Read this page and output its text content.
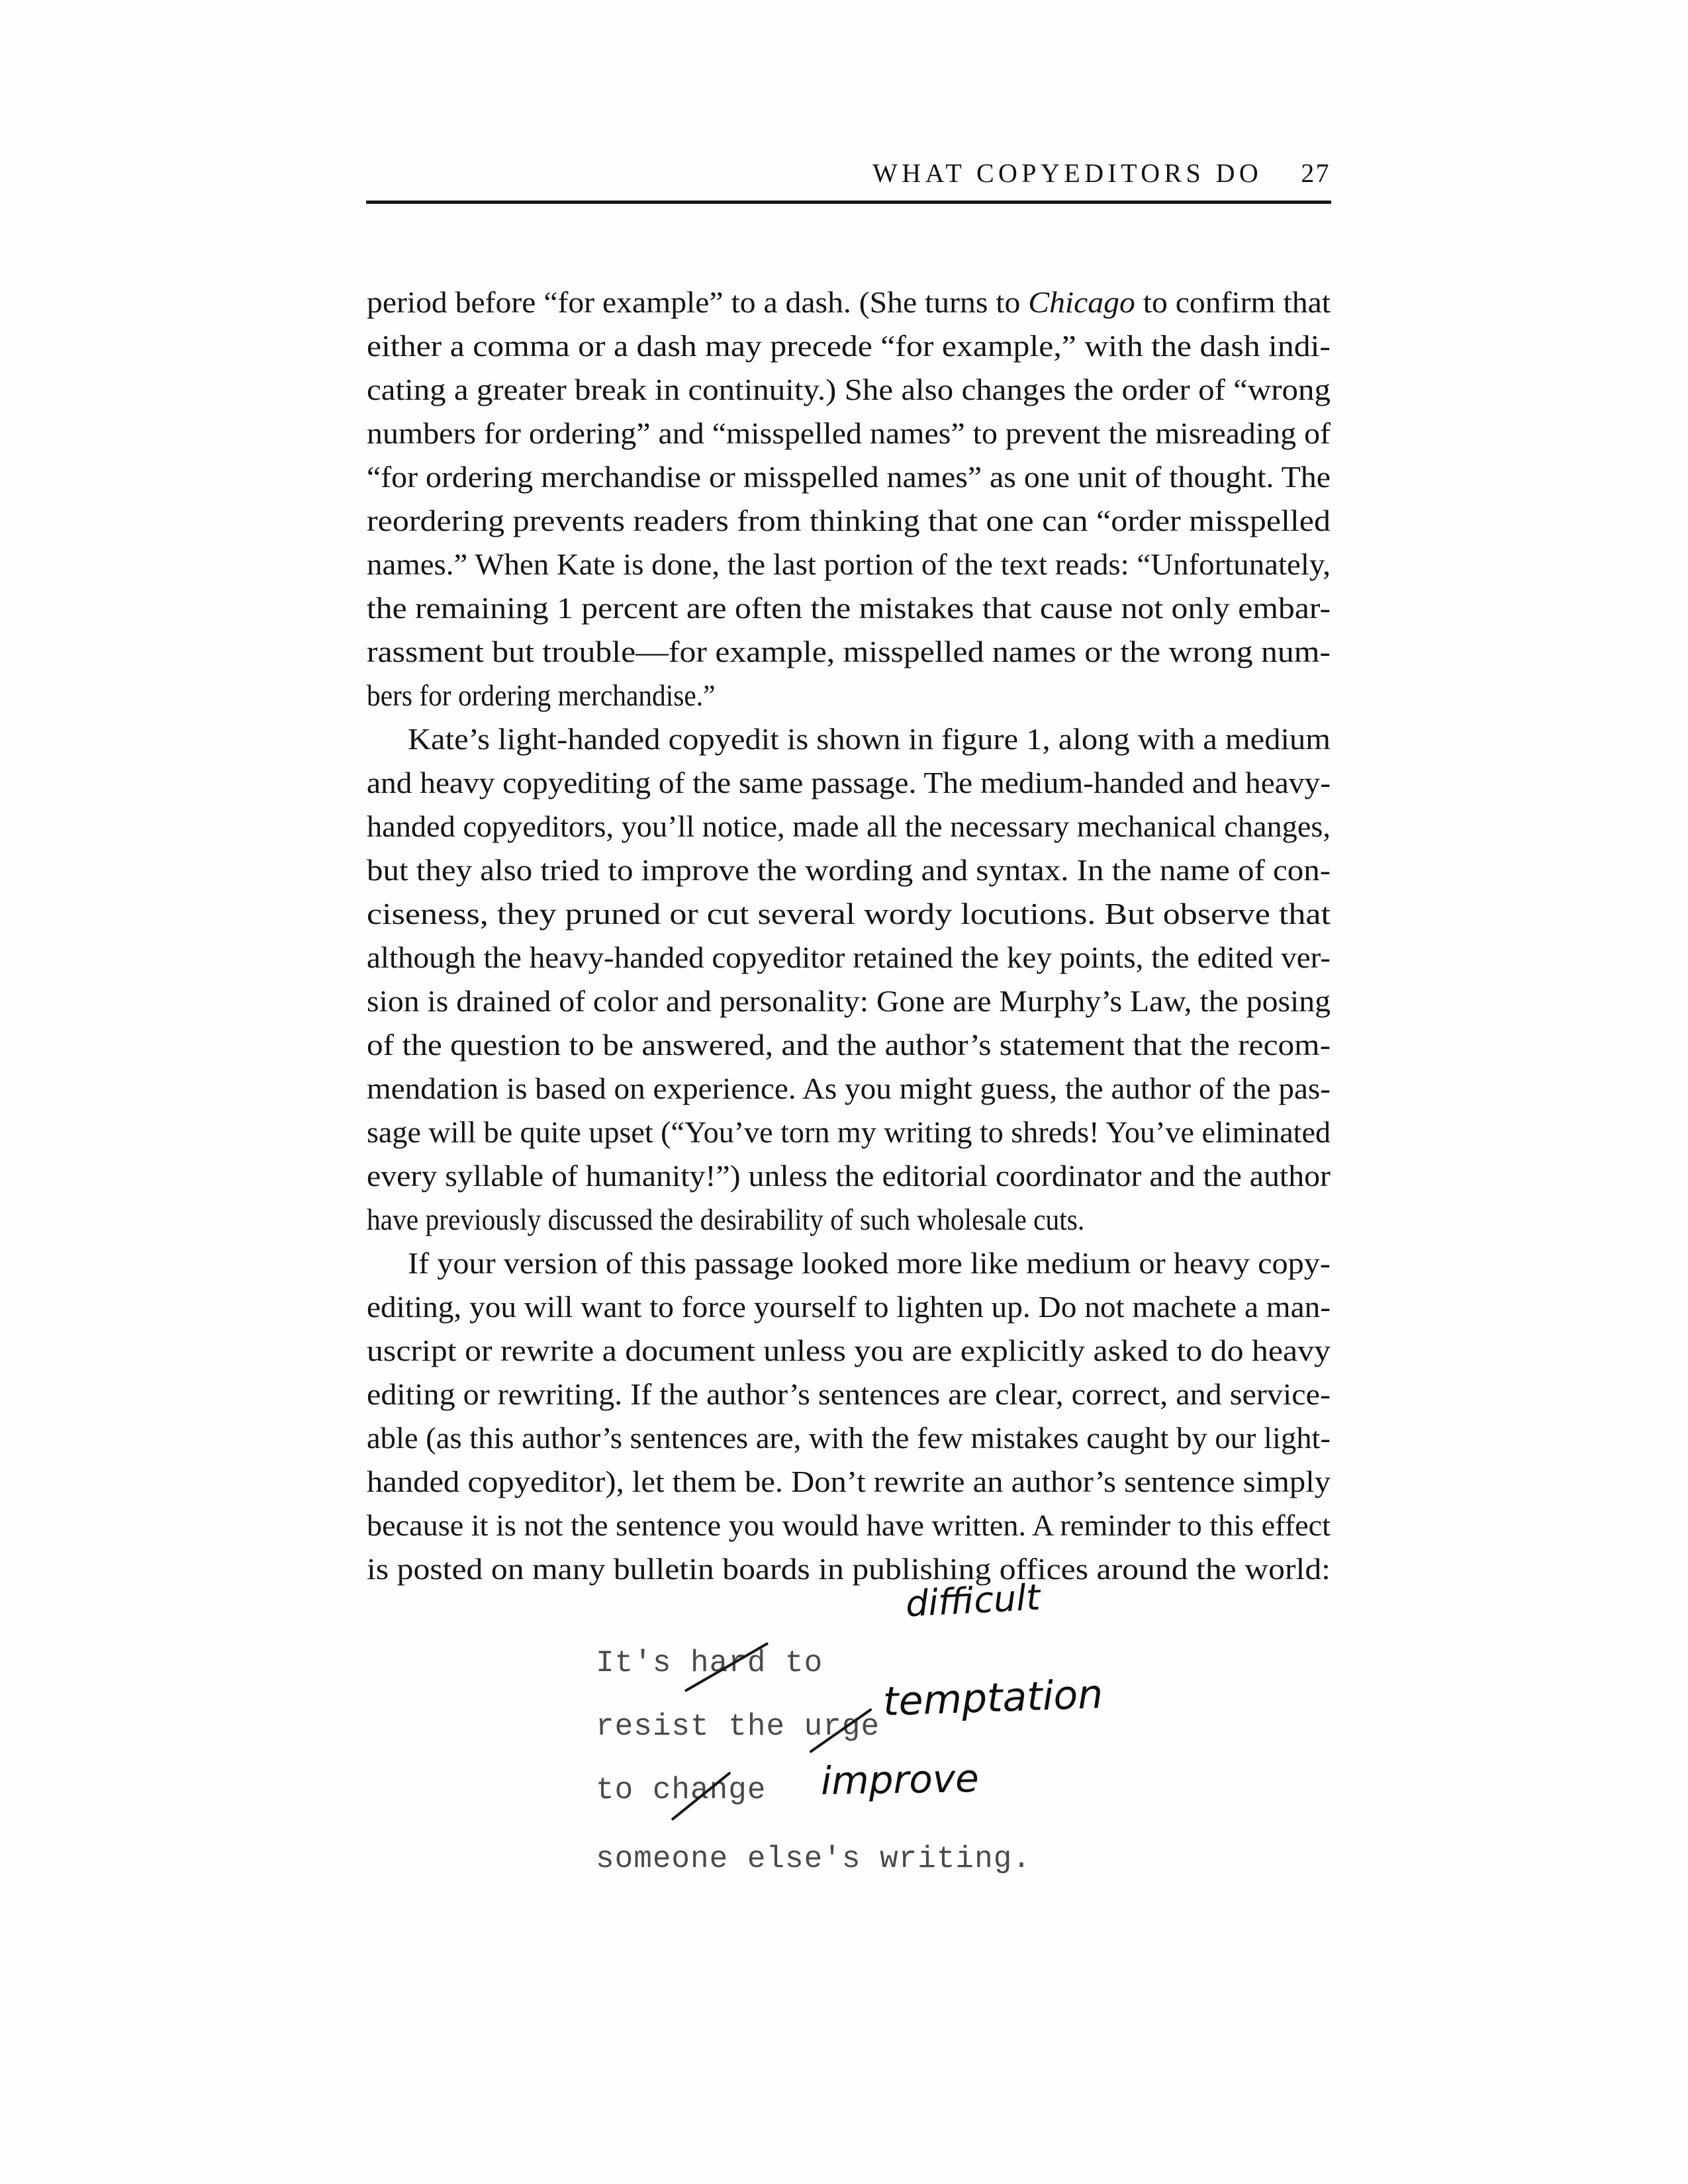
WHAT COPYEDITORS DO 27
period before “for example” to a dash. (She turns to Chicago to confirm that
either a comma or a dash may precede “for example,” with the dash indi-
cating a greater break in continuity.) She also changes the order of “wrong
numbers for ordering” and “misspelled names” to prevent the misreading of
“for ordering merchandise or misspelled names” as one unit of thought. The
reordering prevents readers from thinking that one can “order misspelled
names.” When Kate is done, the last portion of the text reads: “Unfortunately,
the remaining 1 percent are often the mistakes that cause not only embar-
rassment but trouble—for example, misspelled names or the wrong num-
bers for ordering merchandise.”
Kate’s light-handed copyedit is shown in figure 1, along with a medium
and heavy copyediting of the same passage. The medium-handed and heavy-
handed copyeditors, you’ll notice, made all the necessary mechanical changes,
but they also tried to improve the wording and syntax. In the name of con-
ciseness, they pruned or cut several wordy locutions. But observe that
although the heavy-handed copyeditor retained the key points, the edited ver-
sion is drained of color and personality: Gone are Murphy’s Law, the posing
of the question to be answered, and the author’s statement that the recom-
mendation is based on experience. As you might guess, the author of the pas-
sage will be quite upset (“You’ve torn my writing to shreds! You’ve eliminated
every syllable of humanity!”) unless the editorial coordinator and the author
have previously discussed the desirability of such wholesale cuts.
If your version of this passage looked more like medium or heavy copy-
editing, you will want to force yourself to lighten up. Do not machete a man-
uscript or rewrite a document unless you are explicitly asked to do heavy
editing or rewriting. If the author’s sentences are clear, correct, and service-
able (as this author’s sentences are, with the few mistakes caught by our light-
handed copyeditor), let them be. Don’t rewrite an author’s sentence simply
because it is not the sentence you would have written. A reminder to this effect
is posted on many bulletin boards in publishing offices around the world:
It's hard to
resist the urge
to change
someone else's writing.
difficult
temptation
improve
